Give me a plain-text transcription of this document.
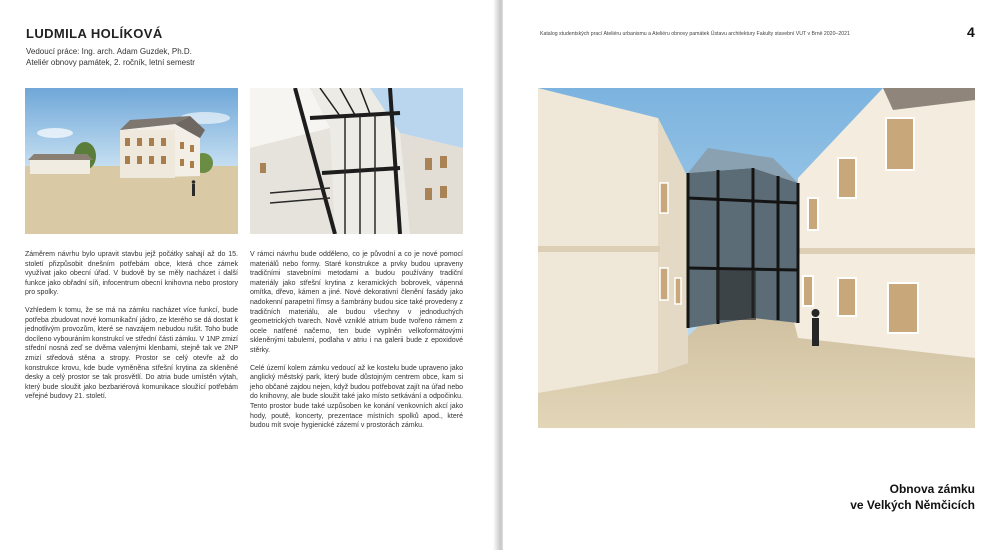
LUDMILA HOLÍKOVÁ
Vedoucí práce: Ing. arch. Adam Guzdek, Ph.D.
Ateliér obnovy památek, 2. ročník, letní semestr

Záměrem návrhu bylo upravit stavbu jejž počátky sahají až do 15. století přizpůsobit dnešním potřebám obce, která chce zámek využívat jako obecní úřad. V budově by se měly nacházet i další funkce jako obřadní síň, infocentrum obecní knihovna nebo prostory pro spolky.

Vzhledem k tomu, že se má na zámku nacházet více funkcí, bude potřeba zbudovat nové komunikační jádro, ze kterého se dá dostat k jednotlivým provozům, které se navzájem nebudou rušit. Toho bude docíleno vybouráním konstrukcí ve střední části zámku. V 1NP zmizí střední nosná zeď se dvěma valenými klenbami, stejně tak ve 2NP zmizí středová stěna a stropy. Prostor se celý otevře až do konstrukce krovu, kde bude vyměněna střešní krytina za skleněné desky a celý prostor se tak prosvětlí. Do atria bude umístěn výtah, který bude sloužit jako bezbariérová komunikace sloužící potřebám veřejné budovy 21. století.

V rámci návrhu bude odděleno, co je původní a co je nové pomocí materiálů nebo formy. Staré konstrukce a prvky budou upraveny tradičními stavebními metodami a budou používány tradiční materiály jako střešní krytina z keramických bobrovek, vápenná omítka, dřevo, kámen a jiné. Nové dekorativní členění fasády jako nadokenní parapetní římsy a šambrány budou sice také provedeny z tradičních materiálu, ale budou všechny v jednoduchých geometrických tvarech. Nově vzniklé atrium bude tvořeno rámem z ocele natřené načerno, ten bude vyplněn velkoformátovými skleněnými tabulemi, podlaha v atriu i na galerii bude z epoxidové stěrky.

Celé území kolem zámku vedoucí až ke kostelu bude upraveno jako anglický městský park, který bude důstojným centrem obce, kam si jeho občané zajdou nejen, když budou potřebovat zajít na úřad nebo do knihovny, ale bude sloužit také jako místo setkávání a odpočinku. Tento prostor bude také uzpůsoben ke konání venkovních akcí jako hody, poutě, koncerty, prezentace místních spolků apod., které budou mít svoje hygienické zázemí v prostorách zámku.

Katalog studentských prací Ateliéru urbanismu a Ateliéru obnovy památek Ústavu architektury Fakulty stavební VUT v Brně 2020–2021	4
Obnova zámku
ve Velkých Němčicích
